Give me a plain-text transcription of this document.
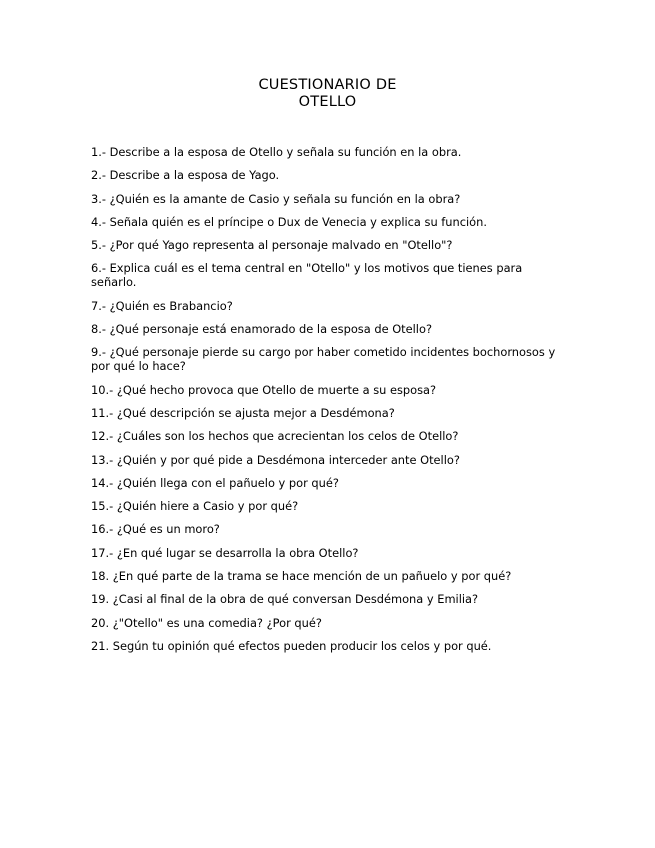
CUESTIONARIO DE
OTELLO
1.- Describe a la esposa de Otello y señala su función en la obra.
2.- Describe a la esposa de Yago.
3.- ¿Quién es la amante de Casio y señala su función en la obra?
4.- Señala quién es el príncipe o Dux de Venecia y explica su función.
5.- ¿Por qué Yago representa al personaje malvado en "Otello"?
6.- Explica cuál es el tema central en "Otello" y los motivos que tienes para señarlo.
7.- ¿Quién es Brabancio?
8.- ¿Qué personaje está enamorado de la esposa de Otello?
9.- ¿Qué personaje pierde su cargo por haber cometido incidentes bochornosos y por qué lo hace?
10.- ¿Qué hecho provoca que Otello de muerte a su esposa?
11.- ¿Qué descripción se ajusta mejor a Desdémona?
12.- ¿Cuáles son los hechos que acrecientan los celos de Otello?
13.- ¿Quién y por qué pide a Desdémona interceder ante Otello?
14.- ¿Quién llega con el pañuelo y por qué?
15.- ¿Quién hiere a Casio y por qué?
16.- ¿Qué es un moro?
17.- ¿En qué lugar se desarrolla la obra Otello?
18. ¿En qué parte de la trama se hace mención de un pañuelo y por qué?
19. ¿Casi al final de la obra de qué conversan Desdémona y Emilia?
20. ¿"Otello" es una comedia? ¿Por qué?
21. Según tu opinión qué efectos pueden producir los celos y por qué.
